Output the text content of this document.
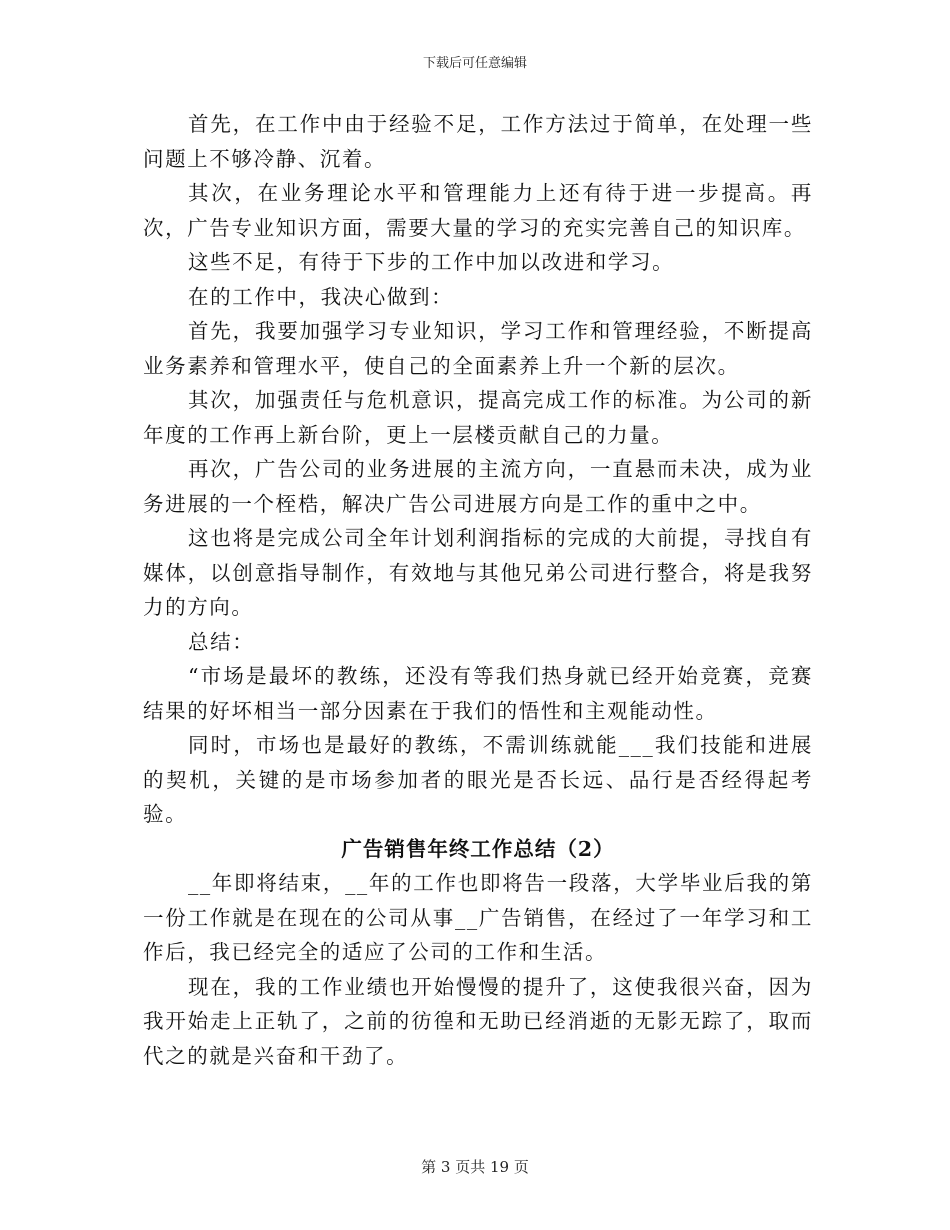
下载后可任意编辑

首先，在工作中由于经验不足，工作方法过于简单，在处理一些问题上不够冷静、沉着。

其次，在业务理论水平和管理能力上还有待于进一步提高。再次，广告专业知识方面，需要大量的学习的充实完善自己的知识库。

这些不足，有待于下步的工作中加以改进和学习。

在的工作中，我决心做到：

首先，我要加强学习专业知识，学习工作和管理经验，不断提高业务素养和管理水平，使自己的全面素养上升一个新的层次。

其次，加强责任与危机意识，提高完成工作的标准。为公司的新年度的工作再上新台阶，更上一层楼贡献自己的力量。

再次，广告公司的业务进展的主流方向，一直悬而未决，成为业务进展的一个桎梏，解决广告公司进展方向是工作的重中之中。

这也将是完成公司全年计划利润指标的完成的大前提，寻找自有媒体，以创意指导制作，有效地与其他兄弟公司进行整合，将是我努力的方向。

总结：

“市场是最坏的教练，还没有等我们热身就已经开始竞赛，竞赛结果的好坏相当一部分因素在于我们的悟性和主观能动性。

同时，市场也是最好的教练，不需训练就能___我们技能和进展的契机，关键的是市场参加者的眼光是否长远、品行是否经得起考验。

广告销售年终工作总结（2）

__年即将结束，__年的工作也即将告一段落，大学毕业后我的第一份工作就是在现在的公司从事__广告销售，在经过了一年学习和工作后，我已经完全的适应了公司的工作和生活。

现在，我的工作业绩也开始慢慢的提升了，这使我很兴奋，因为我开始走上正轨了，之前的彷徨和无助已经消逝的无影无踪了，取而代之的就是兴奋和干劲了。

第 3 页共 19 页
